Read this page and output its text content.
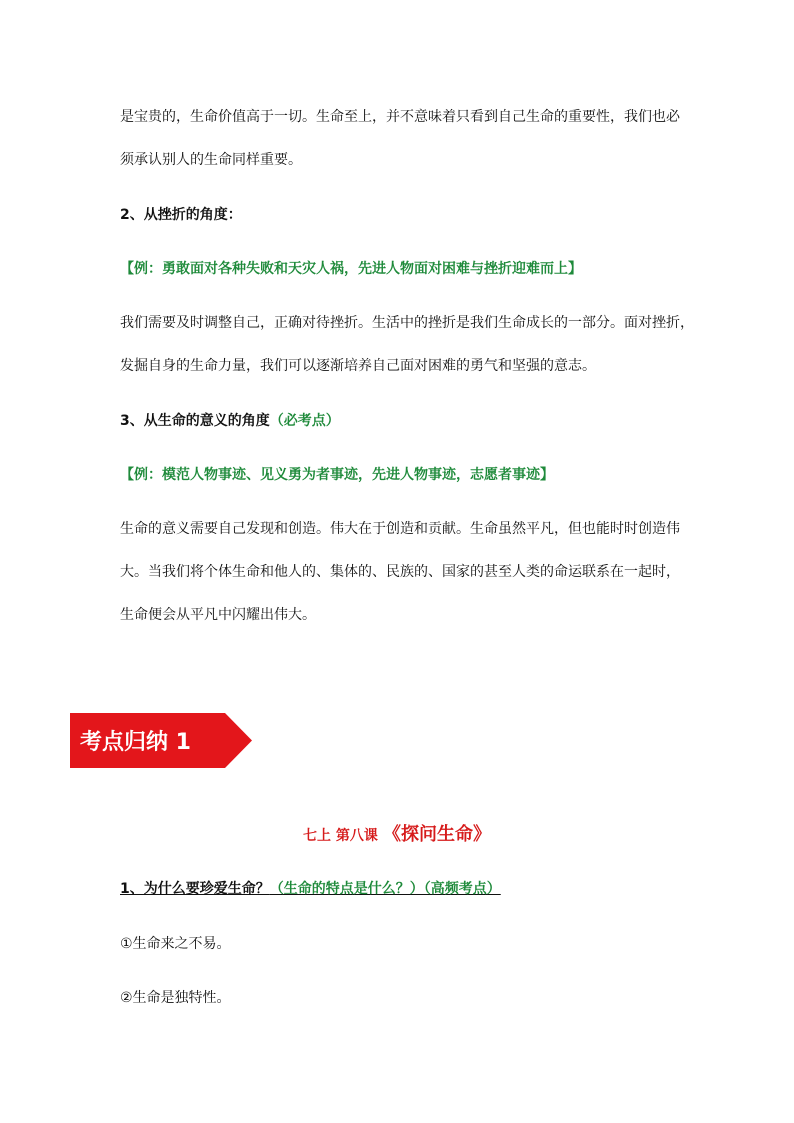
是宝贵的，生命价值高于一切。生命至上，并不意味着只看到自己生命的重要性，我们也必
须承认别人的生命同样重要。
2、从挫折的角度：
【例：勇敢面对各种失败和天灾人祸，先进人物面对困难与挫折迎难而上】
我们需要及时调整自己，正确对待挫折。生活中的挫折是我们生命成长的一部分。面对挫折，
发掘自身的生命力量，我们可以逐渐培养自己面对困难的勇气和坚强的意志。
3、从生命的意义的角度（必考点）
【例：模范人物事迹、见义勇为者事迹，先进人物事迹，志愿者事迹】
生命的意义需要自己发现和创造。伟大在于创造和贡献。生命虽然平凡，但也能时时创造伟
大。当我们将个体生命和他人的、集体的、民族的、国家的甚至人类的命运联系在一起时，
生命便会从平凡中闪耀出伟大。
考点归纳 1
七上 第八课 《探问生命》
1、为什么要珍爱生命？（生命的特点是什么？）（高频考点）
①生命来之不易。
②生命是独特性。
